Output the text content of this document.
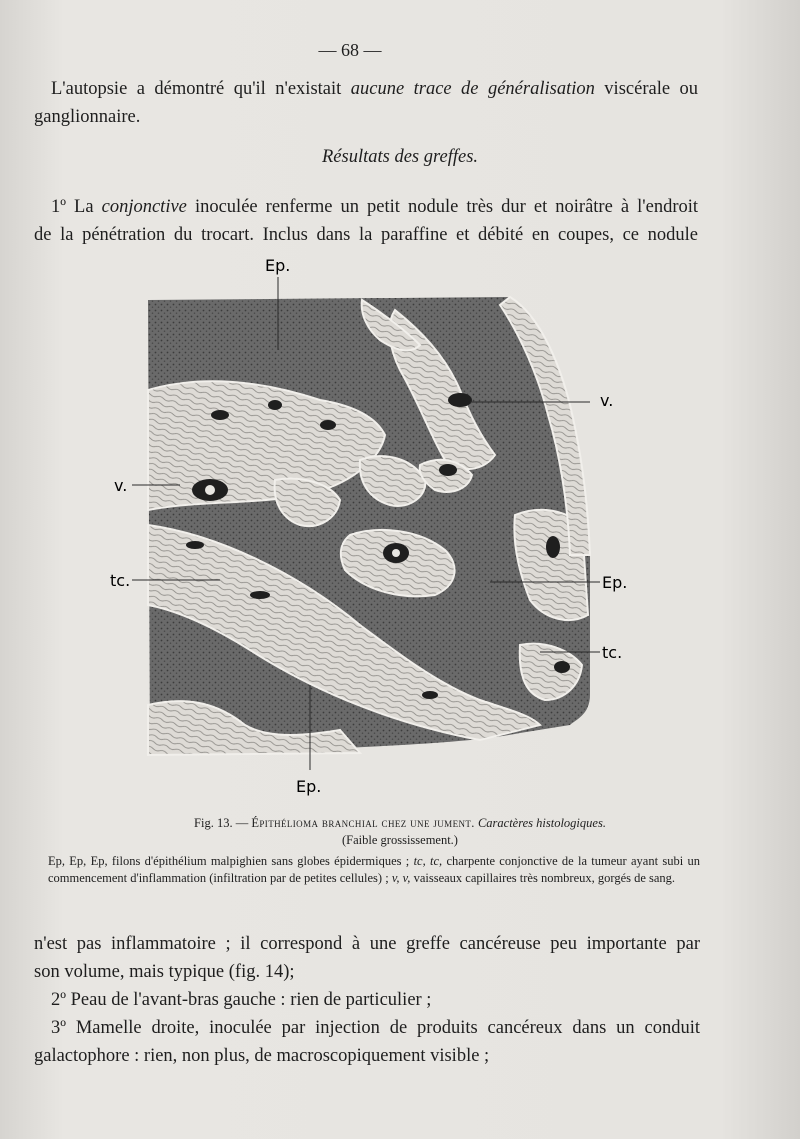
— 68 —
L'autopsie a démontré qu'il n'existait aucune trace de généralisation viscérale ou
ganglionnaire.
Résultats des greffes.
1º La conjonctive inoculée renferme un petit nodule très dur et noirâtre à l'endroit
de la pénétration du trocart. Inclus dans la paraffine et débité en coupes, ce nodule
Ep.
v.
v.
tc.	Ep.
tc.
Ep.
Fig. 13. — Épithélioma branchial chez une jument. Caractères histologiques.
(Faible grossissement.)
Ep, Ep, Ep, filons d'épithélium malpighien sans globes épidermiques ; tc, tc, charpente conjonctive de la tumeur ayant subi un commencement d'inflammation (infiltration par de petites cellules) ; v, v, vaisseaux capillaires très nombreux, gorgés de sang.
n'est pas inflammatoire ; il correspond à une greffe cancéreuse peu importante par
son volume, mais typique (fig. 14);
2º Peau de l'avant-bras gauche : rien de particulier ;
3º Mamelle droite, inoculée par injection de produits cancéreux dans un conduit
galactophore : rien, non plus, de macroscopiquement visible ;
